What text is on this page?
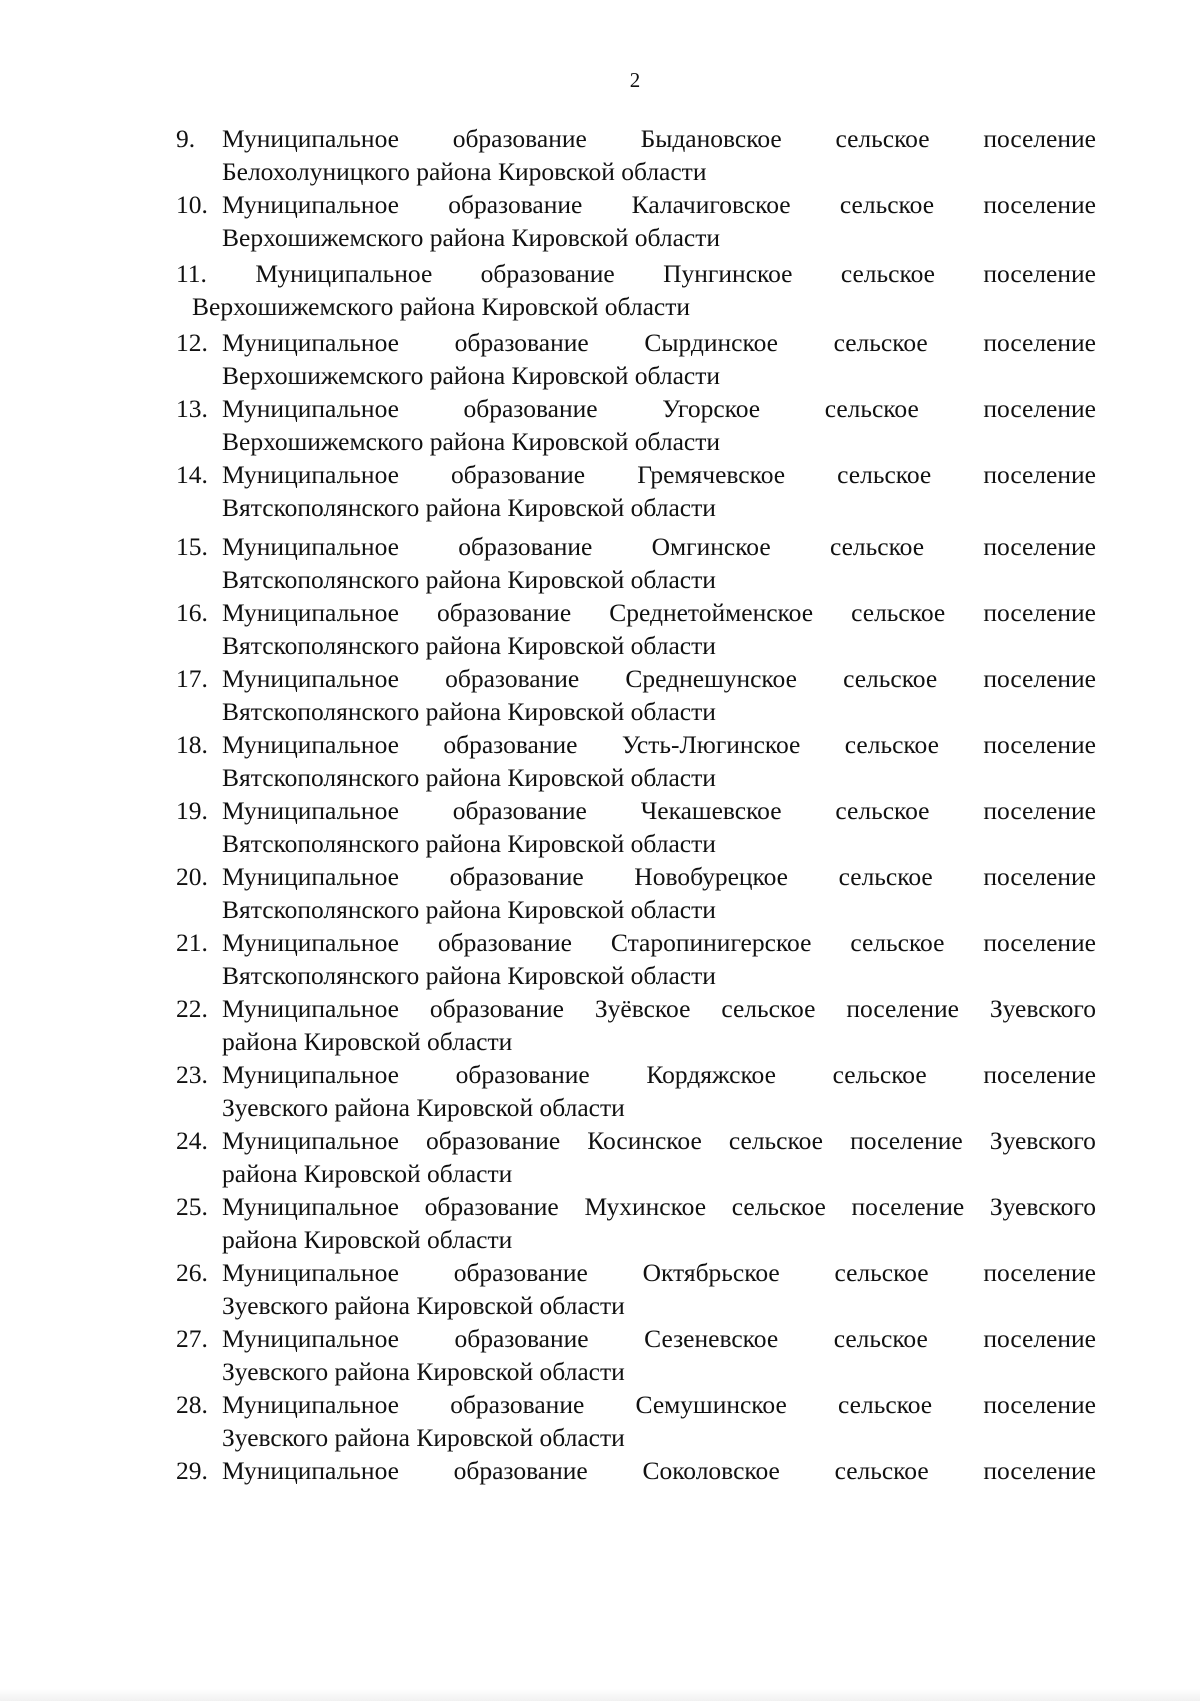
2
9.	Муниципальное образование Быдановское сельское поселение
Белохолуницкого района Кировской области
10. Муниципальное образование Калачиговское сельское поселение
Верхошижемского района Кировской области
11. Муниципальное образование Пунгинское сельское поселение
Верхошижемского района Кировской области
12. Муниципальное образование Сырдинское сельское поселение
Верхошижемского района Кировской области
13. Муниципальное	образование	Угорское	сельское	поселение
Верхошижемского района Кировской области
14. Муниципальное образование Гремячевское сельское поселение
Вятскополянского района Кировской области
15. Муниципальное образование Омгинское сельское поселение
Вятскополянского района Кировской области
16. Муниципальное образование Среднетойменское сельское поселение
Вятскополянского района Кировской области
17. Муниципальное образование Среднешунское сельское поселение
Вятскополянского района Кировской области
18. Муниципальное образование Усть-Люгинское сельское поселение
Вятскополянского района Кировской области
19. Муниципальное образование Чекашевское сельское поселение
Вятскополянского района Кировской области
20. Муниципальное образование Новобурецкое сельское поселение
Вятскополянского района Кировской области
21. Муниципальное образование Старопинигерское сельское поселение
Вятскополянского района Кировской области
22. Муниципальное образование Зуёвское сельское поселение Зуевского
района Кировской области
23. Муниципальное образование Кордяжское сельское поселение
Зуевского района Кировской области
24. Муниципальное образование Косинское сельское поселение Зуевского
района Кировской области
25. Муниципальное образование Мухинское сельское поселение Зуевского
района Кировской области
26. Муниципальное образование Октябрьское сельское поселение
Зуевского района Кировской области
27. Муниципальное образование Сезеневское сельское поселение
Зуевского района Кировской области
28. Муниципальное образование Семушинское сельское поселение
Зуевского района Кировской области
29. Муниципальное образование Соколовское сельское поселение
